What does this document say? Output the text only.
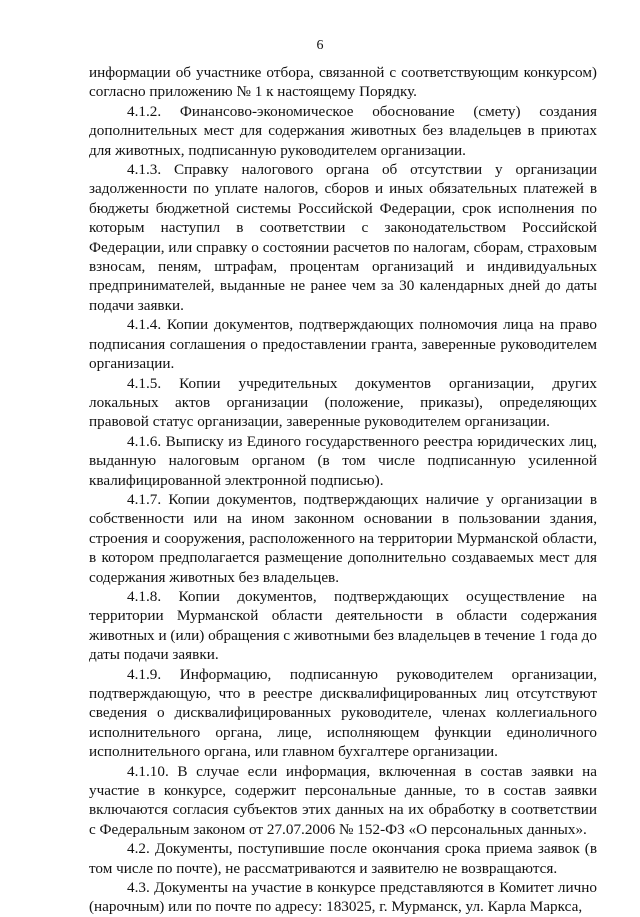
6

информации об участнике отбора, связанной с соответствующим конкурсом) согласно приложению № 1 к настоящему Порядку.

4.1.2. Финансово-экономическое обоснование (смету) создания дополнительных мест для содержания животных без владельцев в приютах для животных, подписанную руководителем организации.

4.1.3. Справку налогового органа об отсутствии у организации задолженности по уплате налогов, сборов и иных обязательных платежей в бюджеты бюджетной системы Российской Федерации, срок исполнения по которым наступил в соответствии с законодательством Российской Федерации, или справку о состоянии расчетов по налогам, сборам, страховым взносам, пеням, штрафам, процентам организаций и индивидуальных предпринимателей, выданные не ранее чем за 30 календарных дней до даты подачи заявки.

4.1.4. Копии документов, подтверждающих полномочия лица на право подписания соглашения о предоставлении гранта, заверенные руководителем организации.

4.1.5. Копии учредительных документов организации, других локальных актов организации (положение, приказы), определяющих правовой статус организации, заверенные руководителем организации.

4.1.6. Выписку из Единого государственного реестра юридических лиц, выданную налоговым органом (в том числе подписанную усиленной квалифицированной электронной подписью).

4.1.7. Копии документов, подтверждающих наличие у организации в собственности или на ином законном основании в пользовании здания, строения и сооружения, расположенного на территории Мурманской области, в котором предполагается размещение дополнительно создаваемых мест для содержания животных без владельцев.

4.1.8. Копии документов, подтверждающих осуществление на территории Мурманской области деятельности в области содержания животных и (или) обращения с животными без владельцев в течение 1 года до даты подачи заявки.

4.1.9. Информацию, подписанную руководителем организации, подтверждающую, что в реестре дисквалифицированных лиц отсутствуют сведения о дисквалифицированных руководителе, членах коллегиального исполнительного органа, лице, исполняющем функции единоличного исполнительного органа, или главном бухгалтере организации.

4.1.10. В случае если информация, включенная в состав заявки на участие в конкурсе, содержит персональные данные, то в состав заявки включаются согласия субъектов этих данных на их обработку в соответствии с Федеральным законом от 27.07.2006 № 152-ФЗ «О персональных данных».

4.2. Документы, поступившие после окончания срока приема заявок (в том числе по почте), не рассматриваются и заявителю не возвращаются.

4.3. Документы на участие в конкурсе представляются в Комитет лично (нарочным) или по почте по адресу: 183025, г. Мурманск, ул. Карла Маркса,
